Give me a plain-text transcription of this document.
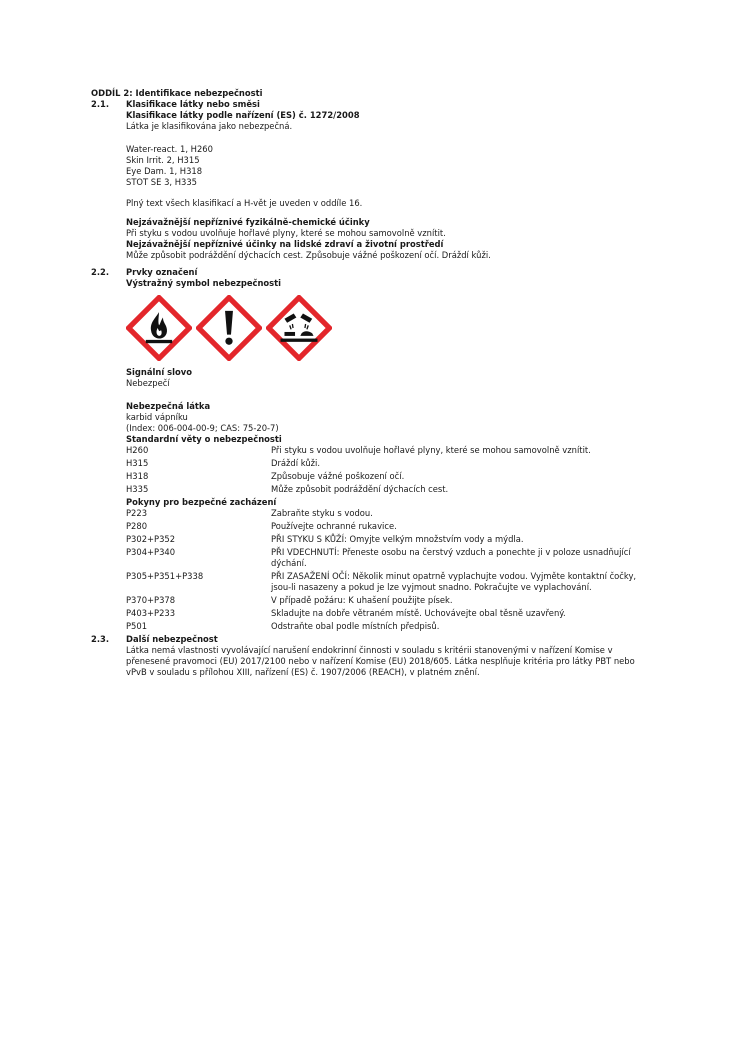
ODDÍL 2: Identifikace nebezpečnosti
2.1. Klasifikace látky nebo směsi
Klasifikace látky podle nařízení (ES) č. 1272/2008
Látka je klasifikována jako nebezpečná.
Water-react. 1, H260
Skin Irrit. 2, H315
Eye Dam. 1, H318
STOT SE 3, H335
Plný text všech klasifikací a H-vět je uveden v oddíle 16.
Nejzávažnější nepříznivé fyzikálně-chemické účinky
Při styku s vodou uvolňuje hořlavé plyny, které se mohou samovolně vznítit.
Nejzávažnější nepříznivé účinky na lidské zdraví a životní prostředí
Může způsobit podráždění dýchacích cest. Způsobuje vážné poškození očí. Dráždí kůži.
2.2. Prvky označení
Výstražný symbol nebezpečnosti
Signální slovo
Nebezpečí
Nebezpečná látka
karbid vápníku
(Index: 006-004-00-9; CAS: 75-20-7)
Standardní věty o nebezpečnosti
H260	Při styku s vodou uvolňuje hořlavé plyny, které se mohou samovolně vznítit.
H315	Dráždí kůži.
H318	Způsobuje vážné poškození očí.
H335	Může způsobit podráždění dýchacích cest.
Pokyny pro bezpečné zacházení
P223	Zabraňte styku s vodou.
P280	Používejte ochranné rukavice.
P302+P352	PŘI STYKU S KŮŽÍ: Omyjte velkým množstvím vody a mýdla.
P304+P340	PŘI VDECHNUTÍ: Přeneste osobu na čerstvý vzduch a ponechte ji v poloze usnadňující dýchání.
P305+P351+P338	PŘI ZASAŽENÍ OČÍ: Několik minut opatrně vyplachujte vodou. Vyjměte kontaktní čočky, jsou-li nasazeny a pokud je lze vyjmout snadno. Pokračujte ve vyplachování.
P370+P378	V případě požáru: K uhašení použijte písek.
P403+P233	Skladujte na dobře větraném místě. Uchovávejte obal těsně uzavřený.
P501	Odstraňte obal podle místních předpisů.
2.3. Další nebezpečnost
Látka nemá vlastnosti vyvolávající narušení endokrinní činnosti v souladu s kritérii stanovenými v nařízení Komise v přenesené pravomoci (EU) 2017/2100 nebo v nařízení Komise (EU) 2018/605. Látka nesplňuje kritéria pro látky PBT nebo vPvB v souladu s přílohou XIII, nařízení (ES) č. 1907/2006 (REACH), v platném znění.
